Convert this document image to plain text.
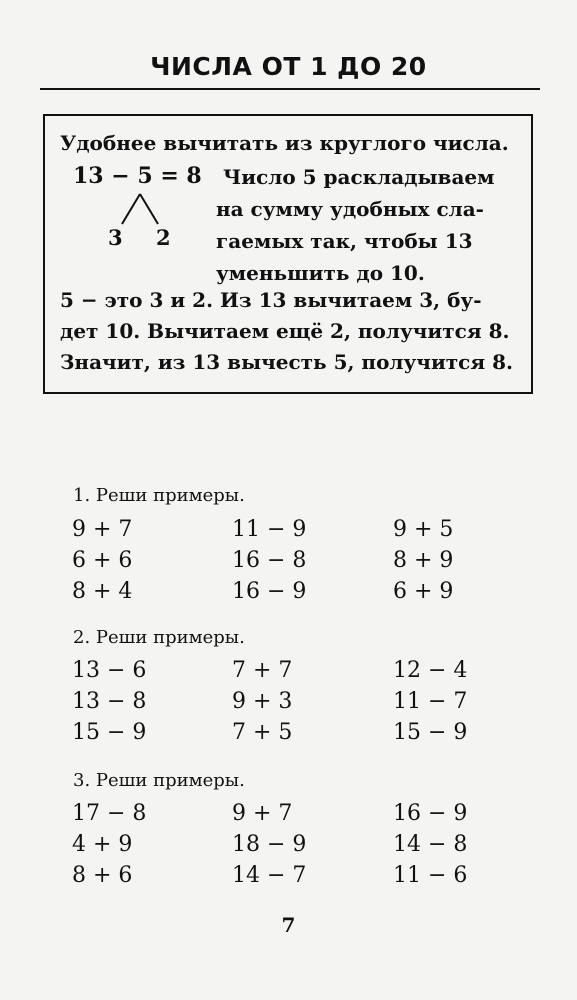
ЧИСЛА ОТ 1 ДО 20
Удобнее вычитать из круглого числа.
13 − 5 = 8
3 2
Число 5 раскладываем
на сумму удобных сла-
гаемых так, чтобы 13
уменьшить до 10.
5 − это 3 и 2. Из 13 вычитаем 3, бу-
дет 10. Вычитаем ещё 2, получится 8.
Значит, из 13 вычесть 5, получится 8.
1. Реши примеры.
9 + 7
6 + 6
8 + 4
11 − 9
16 − 8
16 − 9
9 + 5
8 + 9
6 + 9
2. Реши примеры.
13 − 6
13 − 8
15 − 9
7 + 7
9 + 3
7 + 5
12 − 4
11 − 7
15 − 9
3. Реши примеры.
17 − 8
4 + 9
8 + 6
9 + 7
18 − 9
14 − 7
16 − 9
14 − 8
11 − 6
7
